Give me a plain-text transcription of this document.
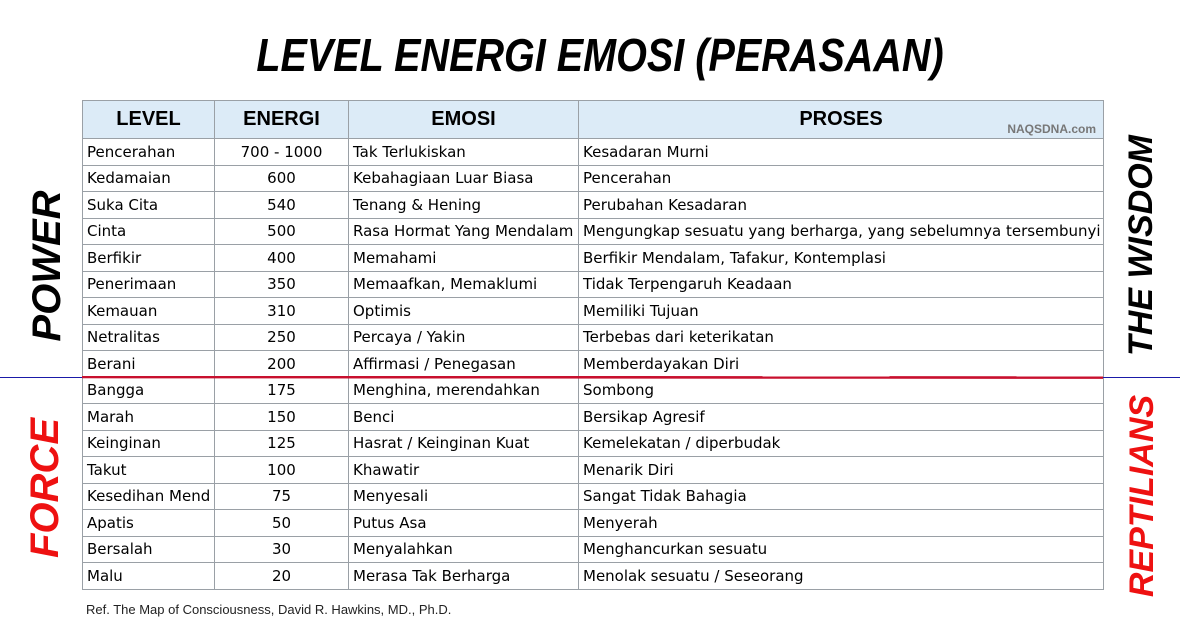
LEVEL ENERGI EMOSI (PERASAAN)
POWER
FORCE
THE WISDOM
REPTILIANS
LEVEL	ENERGI	EMOSI	PROSES NAQSDNA.com

Pencerahan	700 - 1000	Tak Terlukiskan	Kesadaran Murni
Kedamaian	600	Kebahagiaan Luar Biasa	Pencerahan
Suka Cita	540	Tenang & Hening	Perubahan Kesadaran
Cinta	500	Rasa Hormat Yang Mendalam	Mengungkap sesuatu yang berharga, yang sebelumnya tersembunyi
Berfikir	400	Memahami	Berfikir Mendalam, Tafakur, Kontemplasi
Penerimaan	350	Memaafkan, Memaklumi	Tidak Terpengaruh Keadaan
Kemauan	310	Optimis	Memiliki Tujuan
Netralitas	250	Percaya / Yakin	Terbebas dari keterikatan
Berani	200	Affirmasi / Penegasan	Memberdayakan Diri
Bangga	175	Menghina, merendahkan	Sombong
Marah	150	Benci	Bersikap Agresif
Keinginan	125	Hasrat / Keinginan Kuat	Kemelekatan / diperbudak
Takut	100	Khawatir	Menarik Diri
Kesedihan Mend	75	Menyesali	Sangat Tidak Bahagia
Apatis	50	Putus Asa	Menyerah
Bersalah	30	Menyalahkan	Menghancurkan sesuatu
Malu	20	Merasa Tak Berharga	Menolak sesuatu / Seseorang
Ref. The Map of Consciousness, David R. Hawkins, MD., Ph.D.
